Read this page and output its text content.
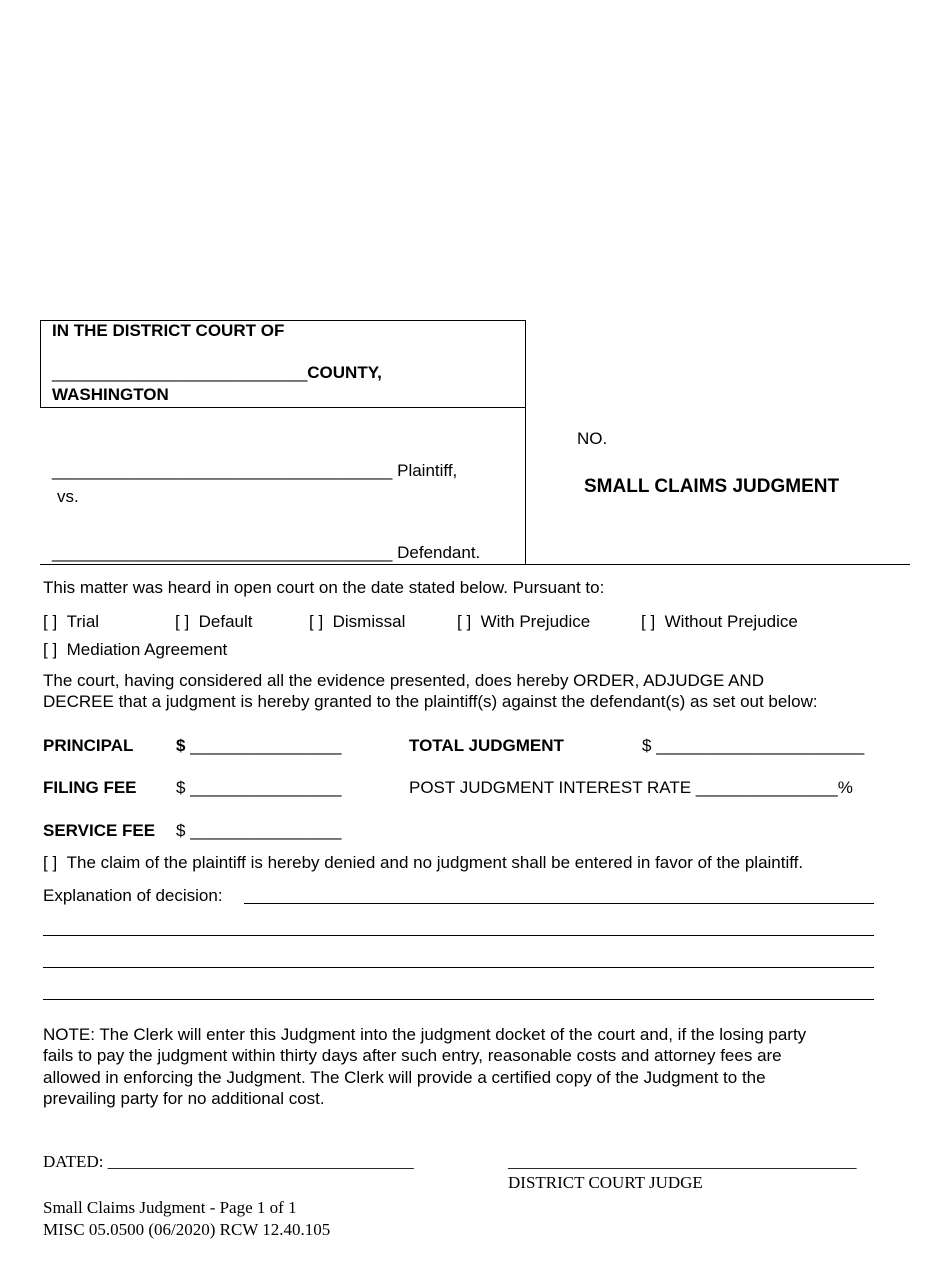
IN THE DISTRICT COURT OF
___________________________COUNTY,
WASHINGTON
____________________________________ Plaintiff,
vs.
____________________________________ Defendant.
NO.
SMALL CLAIMS JUDGMENT
This matter was heard in open court on the date stated below. Pursuant to:
[ ] Trial	[ ] Default	[ ] Dismissal	[ ] With Prejudice	[ ] Without Prejudice
[ ] Mediation Agreement
The court, having considered all the evidence presented, does hereby ORDER, ADJUDGE AND
DECREE that a judgment is hereby granted to the plaintiff(s) against the defendant(s) as set out below:
PRINCIPAL	$ ________________	TOTAL JUDGMENT	$ ______________________
FILING FEE $ ________________	POST JUDGMENT INTEREST RATE _______________%
SERVICE FEE $ ________________
[ ] The claim of the plaintiff is hereby denied and no judgment shall be entered in favor of the plaintiff.
Explanation of decision:
NOTE: The Clerk will enter this Judgment into the judgment docket of the court and, if the losing party
fails to pay the judgment within thirty days after such entry, reasonable costs and attorney fees are
allowed in enforcing the Judgment. The Clerk will provide a certified copy of the Judgment to the
prevailing party for no additional cost.
DATED: ____________________________________	_________________________________________
DISTRICT COURT JUDGE
Small Claims Judgment - Page 1 of 1
MISC 05.0500 (06/2020) RCW 12.40.105
